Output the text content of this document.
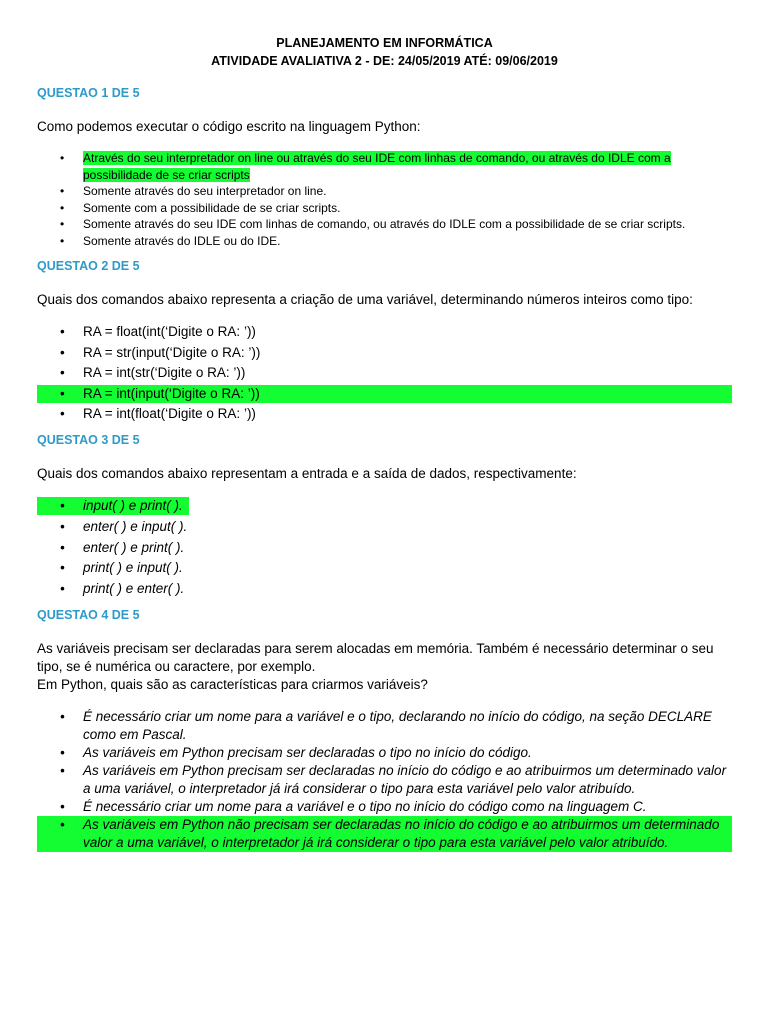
PLANEJAMENTO EM INFORMÁTICA
ATIVIDADE AVALIATIVA 2 - DE: 24/05/2019 ATÉ: 09/06/2019
QUESTAO 1 DE 5

Como podemos executar o código escrito na linguagem Python:

• Através do seu interpretador on line ou através do seu IDE com linhas de comando, ou através do IDLE com a possibilidade de se criar scripts
• Somente através do seu interpretador on line.
• Somente com a possibilidade de se criar scripts.
• Somente através do seu IDE com linhas de comando, ou através do IDLE com a possibilidade de se criar scripts.
• Somente através do IDLE ou do IDE.
QUESTAO 2 DE 5

Quais dos comandos abaixo representa a criação de uma variável, determinando números inteiros como tipo:

• RA = float(int(‘Digite o RA: ’))
• RA = str(input(‘Digite o RA: ’))
• RA = int(str(‘Digite o RA: ’))
• RA = int(input(‘Digite o RA: ’))
• RA = int(float(‘Digite o RA: ’))
QUESTAO 3 DE 5

Quais dos comandos abaixo representam a entrada e a saída de dados, respectivamente:

• input( ) e print( ).
• enter( ) e input( ).
• enter( ) e print( ).
• print( ) e input( ).
• print( ) e enter( ).
QUESTAO 4 DE 5

As variáveis precisam ser declaradas para serem alocadas em memória. Também é necessário determinar o seu tipo, se é numérica ou caractere, por exemplo.

Em Python, quais são as características para criarmos variáveis?

• É necessário criar um nome para a variável e o tipo, declarando no início do código, na seção DECLARE como em Pascal.
• As variáveis em Python precisam ser declaradas o tipo no início do código.
• As variáveis em Python precisam ser declaradas no início do código e ao atribuirmos um determinado valor a uma variável, o interpretador já irá considerar o tipo para esta variável pelo valor atribuído.
• É necessário criar um nome para a variável e o tipo no início do código como na linguagem C.
• As variáveis em Python não precisam ser declaradas no início do código e ao atribuirmos um determinado valor a uma variável, o interpretador já irá considerar o tipo para esta variável pelo valor atribuído.
